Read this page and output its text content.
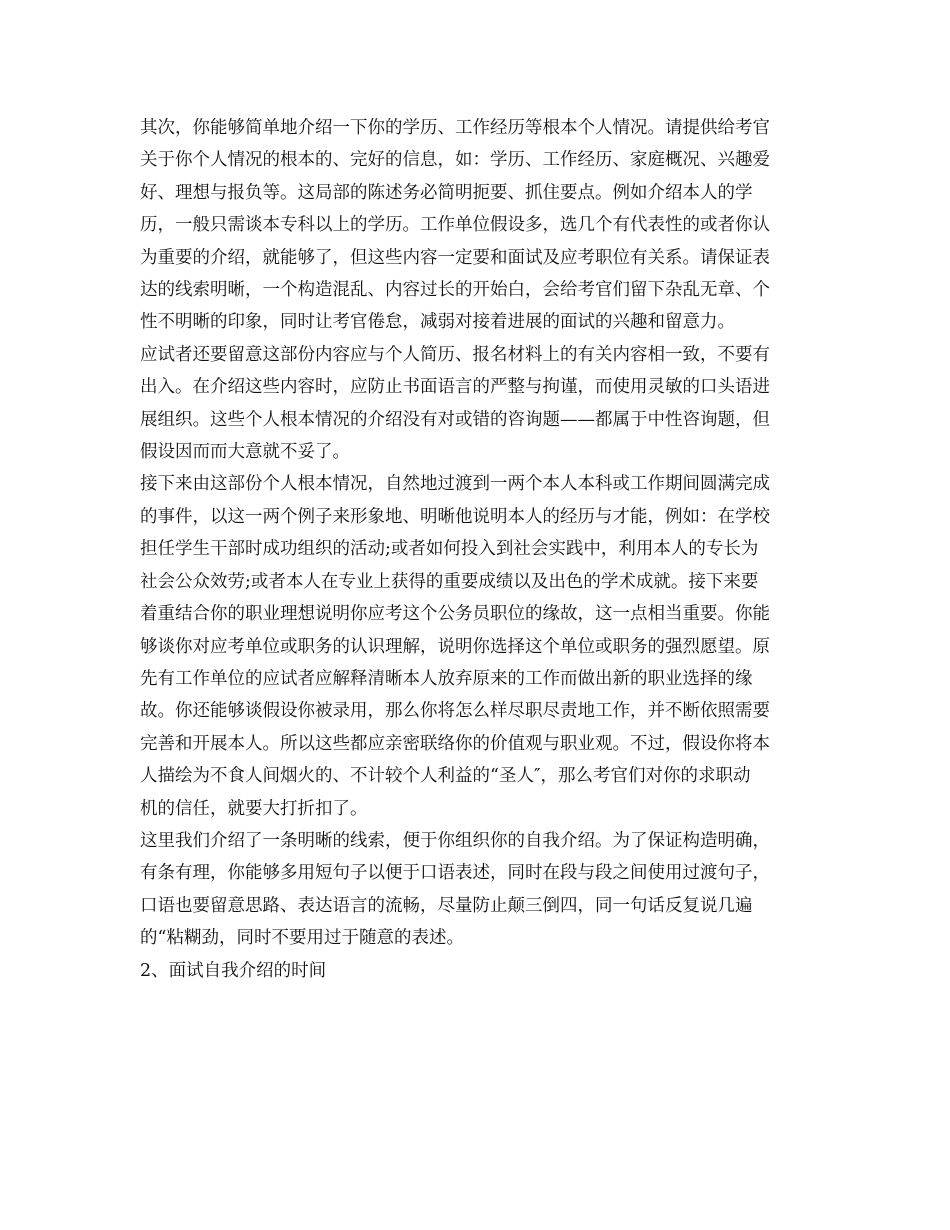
其次，你能够简单地介绍一下你的学历、工作经历等根本个人情况。请提供给考官
关于你个人情况的根本的、完好的信息，如：学历、工作经历、家庭概况、兴趣爱
好、理想与报负等。这局部的陈述务必简明扼要、抓住要点。例如介绍本人的学
历，一般只需谈本专科以上的学历。工作单位假设多，选几个有代表性的或者你认
为重要的介绍，就能够了，但这些内容一定要和面试及应考职位有关系。请保证表
达的线索明晰，一个构造混乱、内容过长的开始白，会给考官们留下杂乱无章、个
性不明晰的印象，同时让考官倦怠，减弱对接着进展的面试的兴趣和留意力。

应试者还要留意这部份内容应与个人简历、报名材料上的有关内容相一致，不要有
出入。在介绍这些内容时，应防止书面语言的严整与拘谨，而使用灵敏的口头语进
展组织。这些个人根本情况的介绍没有对或错的咨询题——都属于中性咨询题，但
假设因而而大意就不妥了。

接下来由这部份个人根本情况，自然地过渡到一两个本人本科或工作期间圆满完成
的事件，以这一两个例子来形象地、明晰他说明本人的经历与才能，例如：在学校
担任学生干部时成功组织的活动;或者如何投入到社会实践中，利用本人的专长为
社会公众效劳;或者本人在专业上获得的重要成绩以及出色的学术成就。接下来要
着重结合你的职业理想说明你应考这个公务员职位的缘故，这一点相当重要。你能
够谈你对应考单位或职务的认识理解，说明你选择这个单位或职务的强烈愿望。原
先有工作单位的应试者应解释清晰本人放弃原来的工作而做出新的职业选择的缘
故。你还能够谈假设你被录用，那么你将怎么样尽职尽责地工作，并不断依照需要
完善和开展本人。所以这些都应亲密联络你的价值观与职业观。不过，假设你将本
人描绘为不食人间烟火的、不计较个人利益的“圣人″，那么考官们对你的求职动
机的信任，就要大打折扣了。

这里我们介绍了一条明晰的线索，便于你组织你的自我介绍。为了保证构造明确，
有条有理，你能够多用短句子以便于口语表述，同时在段与段之间使用过渡句子，
口语也要留意思路、表达语言的流畅，尽量防止颠三倒四，同一句话反复说几遍
的“粘糊劲，同时不要用过于随意的表述。

2、面试自我介绍的时间
